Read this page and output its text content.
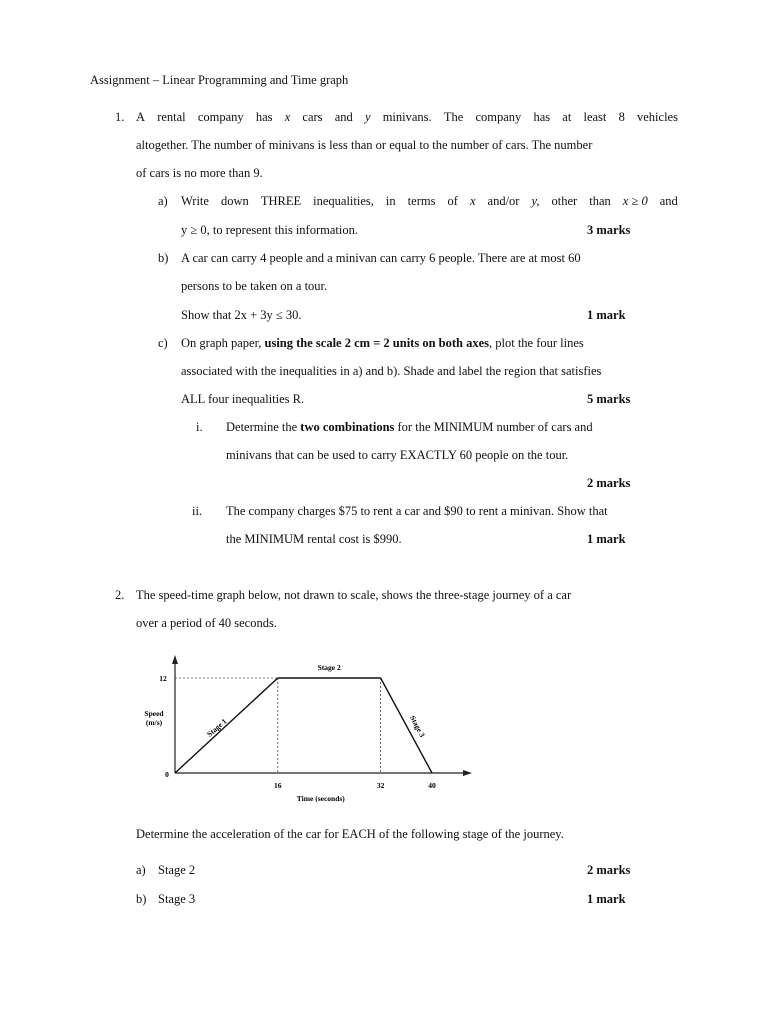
Assignment – Linear Programming and Time graph
1. A rental company has x cars and y minivans. The company has at least 8 vehicles
altogether. The number of minivans is less than or equal to the number of cars. The number
of cars is no more than 9.
a) Write down THREE inequalities, in terms of x and/or y, other than x ≥ 0 and
y ≥ 0, to represent this information.	3 marks
b) A car can carry 4 people and a minivan can carry 6 people. There are at most 60
persons to be taken on a tour.
Show that 2x + 3y ≤ 30.	1 mark
c) On graph paper, using the scale 2 cm = 2 units on both axes, plot the four lines
associated with the inequalities in a) and b). Shade and label the region that satisfies
ALL four inequalities R.	5 marks
i. Determine the two combinations for the MINIMUM number of cars and
minivans that can be used to carry EXACTLY 60 people on the tour.
2 marks
ii. The company charges $75 to rent a car and $90 to rent a minivan. Show that
the MINIMUM rental cost is $990.	1 mark
2. The speed-time graph below, not drawn to scale, shows the three-stage journey of a car
over a period of 40 seconds.
Stage 1
Stage 2
Stage 3
16	32	40
12
0
Time (seconds)
Speed
(m/s)
Determine the acceleration of the car for EACH of the following stage of the journey.
a) Stage 2	2 marks
b) Stage 3	1 mark
